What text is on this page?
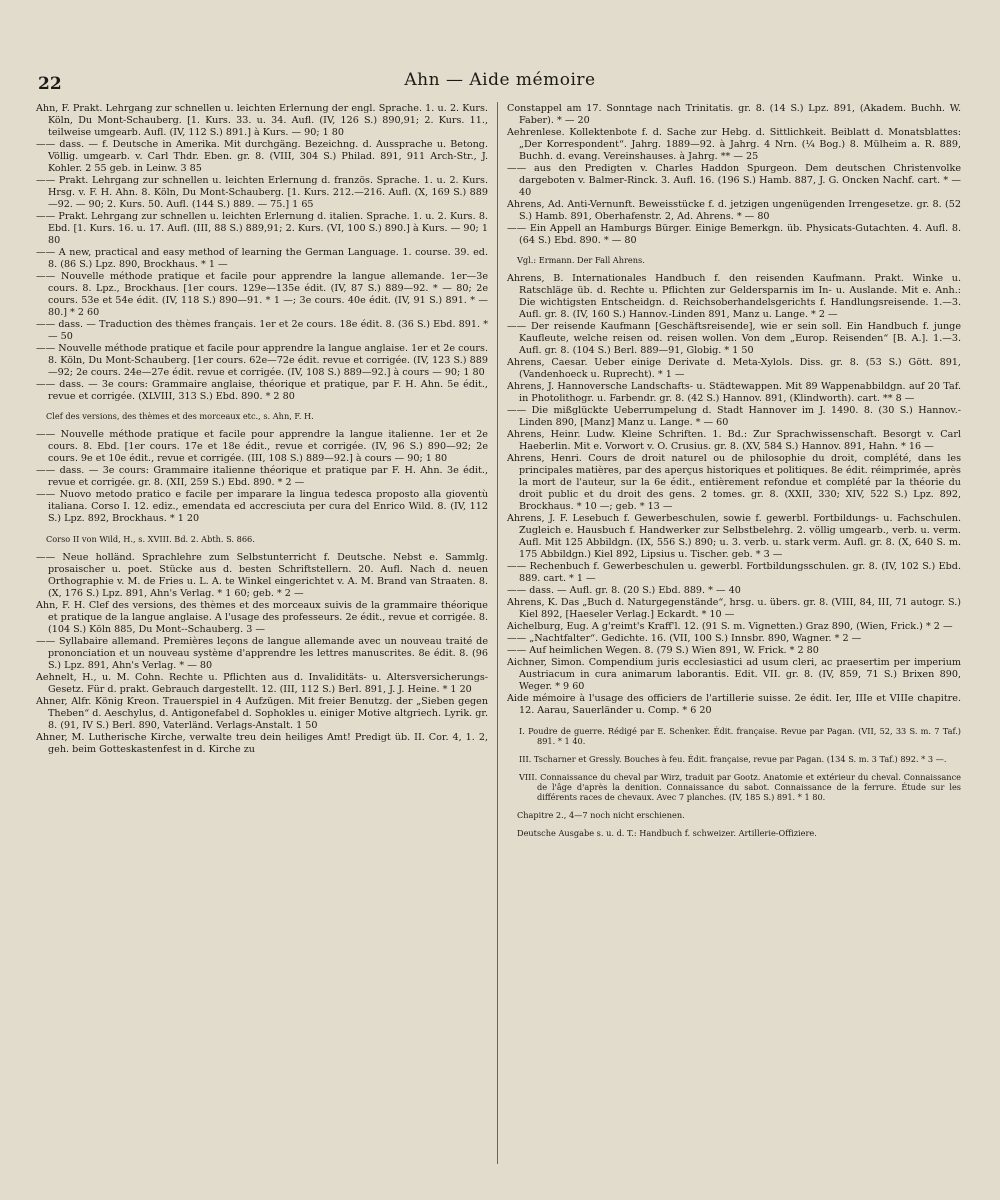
22	Ahn — Aide mémoire

Ahn, F. Prakt. Lehrgang zur schnellen u. leichten Erlernung der engl. Sprache. 1. u. 2. Kurs. Köln, Du Mont-Schauberg. [1. Kurs. 33. u. 34. Aufl. (IV, 126 S.) 890,91; 2. Kurs. 11., teilweise umgearb. Aufl. (IV, 112 S.) 891.] à Kurs. — 90; 1 80

—— dass. — f. Deutsche in Amerika. Mit durchgäng. Bezeichng. d. Aussprache u. Betong. Völlig. umgearb. v. Carl Thdr. Eben. gr. 8. (VIII, 304 S.) Philad. 891, 911 Arch-Str., J. Kohler. 2 55 geb. in Leinw. 3 85

—— Prakt. Lehrgang zur schnellen u. leichten Erlernung d. französ. Sprache. 1. u. 2. Kurs. Hrsg. v. F. H. Ahn. 8. Köln, Du Mont-Schauberg. [1. Kurs. 212.—216. Aufl. (X, 169 S.) 889—92. — 90; 2. Kurs. 50. Aufl. (144 S.) 889. — 75.] 1 65

—— Prakt. Lehrgang zur schnellen u. leichten Erlernung d. italien. Sprache. 1. u. 2. Kurs. 8. Ebd. [1. Kurs. 16. u. 17. Aufl. (III, 88 S.) 889,91; 2. Kurs. (VI, 100 S.) 890.] à Kurs. — 90; 1 80

—— A new, practical and easy method of learning the German Language. 1. course. 39. ed. 8. (86 S.) Lpz. 890, Brockhaus. * 1 —

—— Nouvelle méthode pratique et facile pour apprendre la langue allemande. 1er—3e cours. 8. Lpz., Brockhaus. [1er cours. 129e—135e édit. (IV, 87 S.) 889—92. * — 80; 2e cours. 53e et 54e édit. (IV, 118 S.) 890—91. * 1 —; 3e cours. 40e édit. (IV, 91 S.) 891. * — 80.] * 2 60

—— dass. — Traduction des thèmes français. 1er et 2e cours. 18e édit. 8. (36 S.) Ebd. 891. * — 50

—— Nouvelle méthode pratique et facile pour apprendre la langue anglaise. 1er et 2e cours. 8. Köln, Du Mont-Schauberg. [1er cours. 62e—72e édit. revue et corrigée. (IV, 123 S.) 889—92; 2e cours. 24e—27e édit. revue et corrigée. (IV, 108 S.) 889—92.] à cours — 90; 1 80

—— dass. — 3e cours: Grammaire anglaise, théorique et pratique, par F. H. Ahn. 5e édit., revue et corrigée. (XLVIII, 313 S.) Ebd. 890. * 2 80

Clef des versions, des thèmes et des morceaux etc., s. Ahn, F. H.

—— Nouvelle méthode pratique et facile pour apprendre la langue italienne. 1er et 2e cours. 8. Ebd. [1er cours. 17e et 18e édit., revue et corrigée. (IV, 96 S.) 890—92; 2e cours. 9e et 10e édit., revue et corrigée. (III, 108 S.) 889—92.] à cours — 90; 1 80

—— dass. — 3e cours: Grammaire italienne théorique et pratique par F. H. Ahn. 3e édit., revue et corrigée. gr. 8. (XII, 259 S.) Ebd. 890. * 2 —

—— Nuovo metodo pratico e facile per imparare la lingua tedesca proposto alla gioventù italiana. Corso I. 12. ediz., emendata ed accresciuta per cura del Enrico Wild. 8. (IV, 112 S.) Lpz. 892, Brockhaus. * 1 20

Corso II von Wild, H., s. XVIII. Bd. 2. Abth. S. 866.

—— Neue holländ. Sprachlehre zum Selbstunterricht f. Deutsche. Nebst e. Sammlg. prosaischer u. poet. Stücke aus d. besten Schriftstellern. 20. Aufl. Nach d. neuen Orthographie v. M. de Fries u. L. A. te Winkel eingerichtet v. A. M. Brand van Straaten. 8. (X, 176 S.) Lpz. 891, Ahn's Verlag. * 1 60; geb. * 2 —

Ahn, F. H. Clef des versions, des thèmes et des morceaux suivis de la grammaire théorique et pratique de la langue anglaise. A l'usage des professeurs. 2e édit., revue et corrigée. 8. (104 S.) Köln 885, Du Mont--Schauberg. 3 —

—— Syllabaire allemand. Premières leçons de langue allemande avec un nouveau traité de prononciation et un nouveau système d'apprendre les lettres manuscrites. 8e édit. 8. (96 S.) Lpz. 891, Ahn's Verlag. * — 80

Aehnelt, H., u. M. Cohn. Rechte u. Pflichten aus d. Invaliditäts- u. Altersversicherungs-Gesetz. Für d. prakt. Gebrauch dargestellt. 12. (III, 112 S.) Berl. 891, J. J. Heine. * 1 20

Ahner, Alfr. König Kreon. Trauerspiel in 4 Aufzügen. Mit freier Benutzg. der „Sieben gegen Theben“ d. Aeschylus, d. Antigonefabel d. Sophokles u. einiger Motive altgriech. Lyrik. gr. 8. (91, IV S.) Berl. 890, Vaterländ. Verlags-Anstalt. 1 50

Ahner, M. Lutherische Kirche, verwalte treu dein heiliges Amt! Predigt üb. II. Cor. 4, 1. 2, geh. beim Gotteskastenfest in d. Kirche zu

Constappel am 17. Sonntage nach Trinitatis. gr. 8. (14 S.) Lpz. 891, (Akadem. Buchh. W. Faber). * — 20

Aehrenlese. Kollektenbote f. d. Sache zur Hebg. d. Sittlichkeit. Beiblatt d. Monatsblattes: „Der Korrespondent“. Jahrg. 1889—92. à Jahrg. 4 Nrn. (¼ Bog.) 8. Mülheim a. R. 889, Buchh. d. evang. Vereinshauses. à Jahrg. ** — 25

—— aus den Predigten v. Charles Haddon Spurgeon. Dem deutschen Christenvolke dargeboten v. Balmer-Rinck. 3. Aufl. 16. (196 S.) Hamb. 887, J. G. Oncken Nachf. cart. * — 40

Ahrens, Ad. Anti-Vernunft. Beweisstücke f. d. jetzigen ungenügenden Irrengesetze. gr. 8. (52 S.) Hamb. 891, Oberhafenstr. 2, Ad. Ahrens. * — 80

—— Ein Appell an Hamburgs Bürger. Einige Bemerkgn. üb. Physicats-Gutachten. 4. Aufl. 8. (64 S.) Ebd. 890. * — 80

Vgl.: Ermann. Der Fall Ahrens.

Ahrens, B. Internationales Handbuch f. den reisenden Kaufmann. Prakt. Winke u. Ratschläge üb. d. Rechte u. Pflichten zur Geldersparnis im In- u. Auslande. Mit e. Anh.: Die wichtigsten Entscheidgn. d. Reichsoberhandelsgerichts f. Handlungsreisende. 1.—3. Aufl. gr. 8. (IV, 160 S.) Hannov.-Linden 891, Manz u. Lange. * 2 —

—— Der reisende Kaufmann [Geschäftsreisende], wie er sein soll. Ein Handbuch f. junge Kaufleute, welche reisen od. reisen wollen. Von dem „Europ. Reisenden“ [B. A.]. 1.—3. Aufl. gr. 8. (104 S.) Berl. 889—91, Globig. * 1 50

Ahrens, Caesar. Ueber einige Derivate d. Meta-Xylols. Diss. gr. 8. (53 S.) Gött. 891, (Vandenhoeck u. Ruprecht). * 1 —

Ahrens, J. Hannoversche Landschafts- u. Städtewappen. Mit 89 Wappenabbildgn. auf 20 Taf. in Photolithogr. u. Farbendr. gr. 8. (42 S.) Hannov. 891, (Klindworth). cart. ** 8 —

—— Die mißglückte Ueberrumpelung d. Stadt Hannover im J. 1490. 8. (30 S.) Hannov.-Linden 890, [Manz] Manz u. Lange. * — 60

Ahrens, Heinr. Ludw. Kleine Schriften. 1. Bd.: Zur Sprachwissenschaft. Besorgt v. Carl Haeberlin. Mit e. Vorwort v. O. Crusius. gr. 8. (XV, 584 S.) Hannov. 891, Hahn. * 16 —

Ahrens, Henri. Cours de droit naturel ou de philosophie du droit, complété, dans les principales matières, par des aperçus historiques et politiques. 8e édit. réimprimée, après la mort de l'auteur, sur la 6e édit., entièrement refondue et complété par la théorie du droit public et du droit des gens. 2 tomes. gr. 8. (XXII, 330; XIV, 522 S.) Lpz. 892, Brockhaus. * 10 —; geb. * 13 —

Ahrens, J. F. Lesebuch f. Gewerbeschulen, sowie f. gewerbl. Fortbildungs- u. Fachschulen. Zugleich e. Hausbuch f. Handwerker zur Selbstbelehrg. 2. völlig umgearb., verb. u. verm. Aufl. Mit 125 Abbildgn. (IX, 556 S.) 890; u. 3. verb. u. stark verm. Aufl. gr. 8. (X, 640 S. m. 175 Abbildgn.) Kiel 892, Lipsius u. Tischer. geb. * 3 —

—— Rechenbuch f. Gewerbeschulen u. gewerbl. Fortbildungsschulen. gr. 8. (IV, 102 S.) Ebd. 889. cart. * 1 —

—— dass. — Aufl. gr. 8. (20 S.) Ebd. 889. * — 40

Ahrens, K. Das „Buch d. Naturgegenstände“, hrsg. u. übers. gr. 8. (VIII, 84, III, 71 autogr. S.) Kiel 892, [Haeseler Verlag.] Eckardt. * 10 —

Aichelburg, Eug. A g'reimt's Kraff'l. 12. (91 S. m. Vignetten.) Graz 890, (Wien, Frick.) * 2 —

—— „Nachtfalter“. Gedichte. 16. (VII, 100 S.) Innsbr. 890, Wagner. * 2 —

—— Auf heimlichen Wegen. 8. (79 S.) Wien 891, W. Frick. * 2 80

Aichner, Simon. Compendium juris ecclesiastici ad usum cleri, ac praesertim per imperium Austriacum in cura animarum laborantis. Edit. VII. gr. 8. (IV, 859, 71 S.) Brixen 890, Weger. * 9 60

Aide mémoire à l'usage des officiers de l'artillerie suisse. 2e édit. Ier, IIIe et VIIIe chapitre. 12. Aarau, Sauerländer u. Comp. * 6 20

I. Poudre de guerre. Rédigé par E. Schenker. Édit. française. Revue par Pagan. (VII, 52, 33 S. m. 7 Taf.) 891. * 1 40.

III. Tscharner et Gressly. Bouches à feu. Édit. française, revue par Pagan. (134 S. m. 3 Taf.) 892. * 3 —.

VIII. Connaissance du cheval par Wirz, traduit par Gootz. Anatomie et extérieur du cheval. Connaissance de l'âge d'après la denition. Connaissance du sabot. Connaissance de la ferrure. Étude sur les différents races de chevaux. Avec 7 planches. (IV, 185 S.) 891. * 1 80.

Chapitre 2., 4—7 noch nicht erschienen.

Deutsche Ausgabe s. u. d. T.: Handbuch f. schweizer. Artillerie-Offiziere.
